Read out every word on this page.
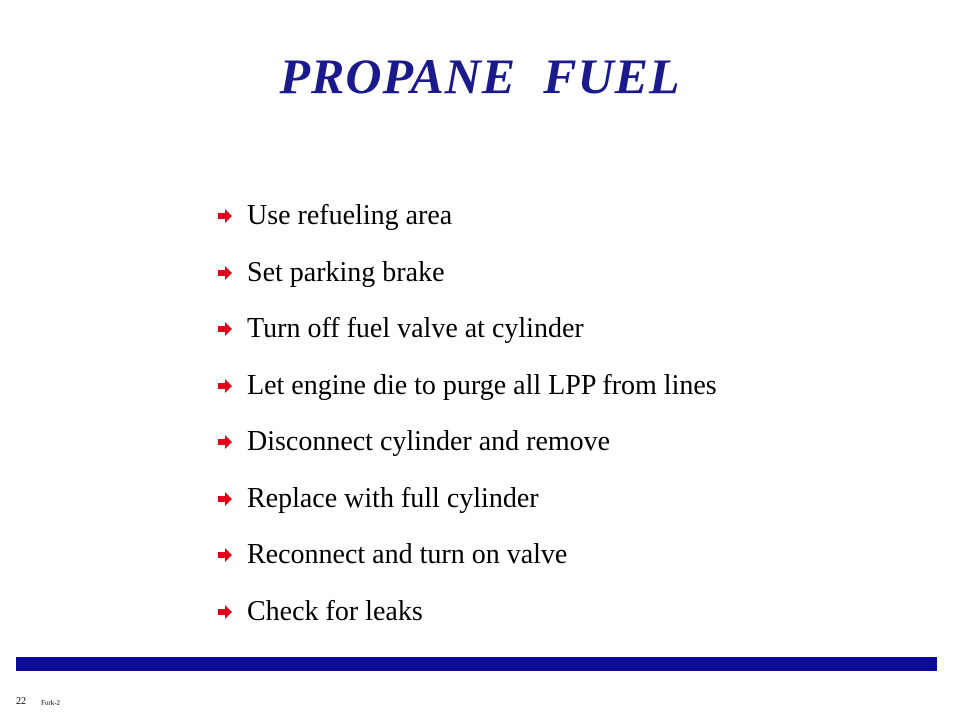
PROPANE  FUEL
Use refueling area
Set parking brake
Turn off fuel valve at cylinder
Let engine die to purge all LPP from lines
Disconnect cylinder and remove
Replace with full cylinder
Reconnect and turn on valve
Check for leaks
22 Fork-2
